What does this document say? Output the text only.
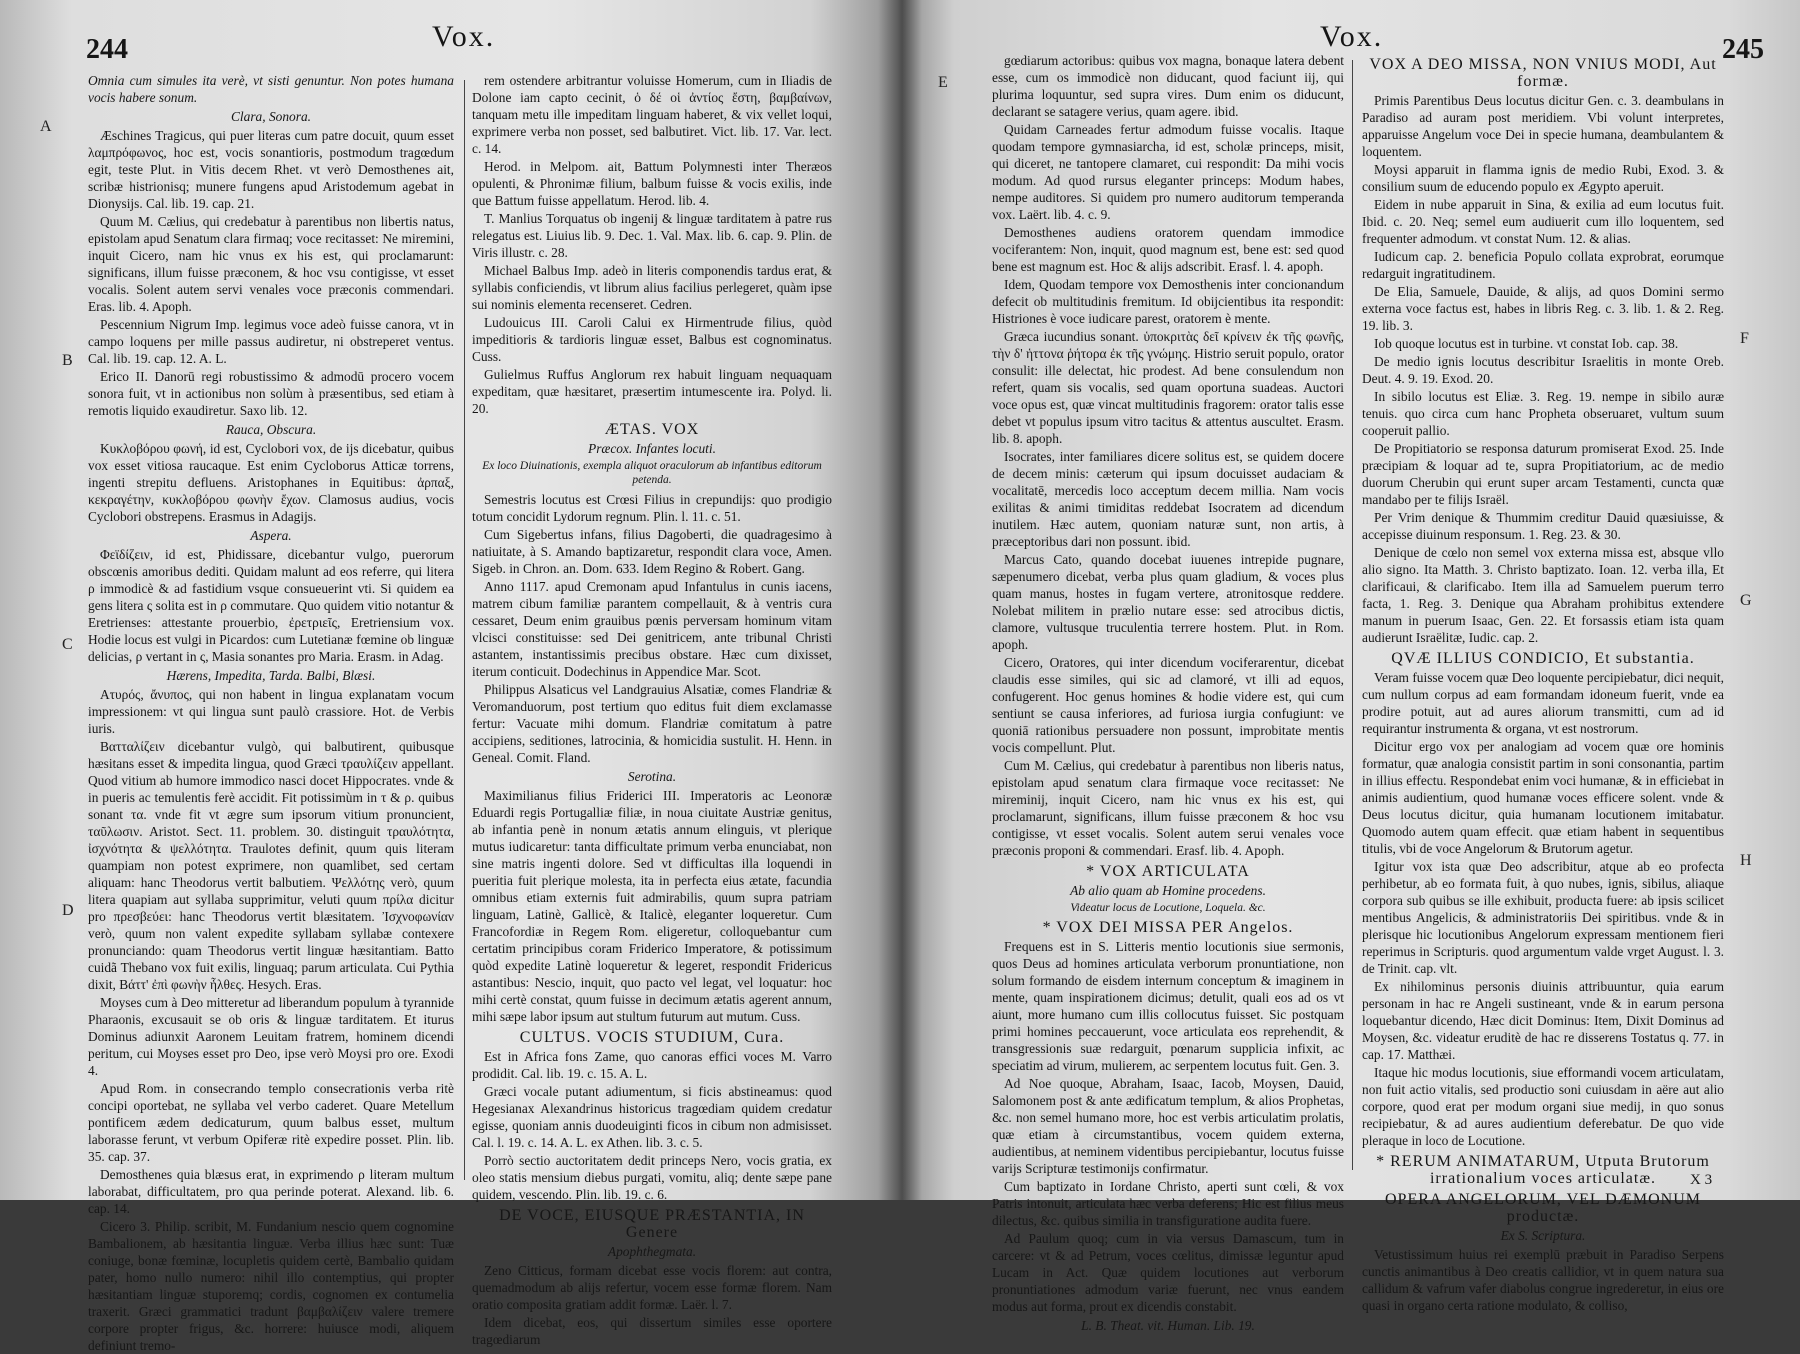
244	Vox.
A
B
C
D

Omnia cum simules ita verè, vt sisti genuntur. Non potes humana vocis habere sonum.

Clara, Sonora.

Æschines Tragicus, qui puer literas cum patre docuit, quum esset λαμπρόφωνος, hoc est, vocis sonantioris, postmodum tragœdum egit, teste Plut. in Vitis decem Rhet. vt verò Demosthenes ait, scribæ histrionisq; munere fungens apud Aristodemum agebat in Dionysijs. Cal. lib. 19. cap. 21.

Quum M. Cælius, qui credebatur à parentibus non libertis natus, epistolam apud Senatum clara firmaq; voce recitasset: Ne miremini, inquit Cicero, nam hic vnus ex his est, qui proclamarunt: significans, illum fuisse præconem, & hoc vsu contigisse, vt esset vocalis. Solent autem servi venales voce præconis commendari. Eras. lib. 4. Apoph.

Pescennium Nigrum Imp. legimus voce adeò fuisse canora, vt in campo loquens per mille passus audiretur, ni obstreperet ventus. Cal. lib. 19. cap. 12. A. L.

Erico II. Danorū regi robustissimo & admodū procero vocem sonora fuit, vt in actionibus non solùm à præsentibus, sed etiam à remotis liquido exaudiretur. Saxo lib. 12.

Rauca, Obscura.

Κυκλοβόρου φωνή, id est, Cyclobori vox, de ijs dicebatur, quibus vox esset vitiosa raucaque. Est enim Cycloborus Atticæ torrens, ingenti strepitu defluens. Aristophanes in Equitibus: ἀρπαξ, κεκραγέτην, κυκλοβόρου φωνὴν ἔχων. Clamosus audius, vocis Cyclobori obstrepens. Erasmus in Adagijs.

Aspera.

Φεϊδίζειν, id est, Phidissare, dicebantur vulgo, puerorum obscœnis amoribus dediti. Quidam malunt ad eos referre, qui litera ρ immodicè & ad fastidium vsque consueuerint vti. Si quidem ea gens litera ς solita est in ρ commutare. Quo quidem vitio notantur & Eretrienses: attestante prouerbio, ἐρετριεῖς, Eretriensium vox. Hodie locus est vulgi in Picardos: cum Lutetianæ fœmine ob linguæ delicias, ρ vertant in ς, Masia sonantes pro Maria. Erasm. in Adag.

Hærens, Impedita, Tarda. Balbi, Blæsi.

Ατυρός, ἄνυπος, qui non habent in lingua explanatam vocum impressionem: vt qui lingua sunt paulò crassiore. Hot. de Verbis iuris.

Βατταλίζειν dicebantur vulgò, qui balbutirent, quibusque hæsitans esset & impedita lingua, quod Græci τραυλίζειν appellant. Quod vitium ab humore immodico nasci docet Hippocrates. vnde & in pueris ac temulentis ferè accidit. Fit potissimùm in τ & ρ. quibus sonant τα. vnde fit vt ægre sum ipsorum vitium pronuncient, ταῦλωσιν. Aristot. Sect. 11. problem. 30. distinguit τραυλότητα, ἰσχνότητα & ψελλότητα. Traulotes definit, quum quis literam quampiam non potest exprimere, non quamlibet, sed certam aliquam: hanc Theodorus vertit balbutiem. Ψελλότης verò, quum litera quapiam aut syllaba supprimitur, veluti quum πρίλα dicitur pro πρεσβεύει: hanc Theodorus vertit blæsitatem. Ἰσχνοφωνίαν verò, quum non valent expedite syllabam syllabæ contexere pronunciando: quam Theodorus vertit linguæ hæsitantiam. Batto cuidã Thebano vox fuit exilis, linguaq; parum articulata. Cui Pythia dixit, Βάττ' ἐπὶ φωνὴν ἦλθες. Hesych. Eras.

Moyses cum à Deo mitteretur ad liberandum populum à tyrannide Pharaonis, excusauit se ob oris & linguæ tarditatem. Et iturus Dominus adiunxit Aaronem Leuitam fratrem, hominem dicendi peritum, cui Moyses esset pro Deo, ipse verò Moysi pro ore. Exodi 4.

Apud Rom. in consecrando templo consecrationis verba ritè concipi oportebat, ne syllaba vel verbo caderet. Quare Metellum pontificem ædem dedicaturum, quum balbus esset, multum laborasse ferunt, vt verbum Opiferæ ritè expedire posset. Plin. lib. 35. cap. 37.

Demosthenes quia blæsus erat, in exprimendo ρ literam multum laborabat, difficultatem, pro qua perinde poterat. Alexand. lib. 6. cap. 14.

Cicero 3. Philip. scribit, M. Fundanium nescio quem cognomine Bambalionem, ab hæsitantia linguæ. Verba illius hæc sunt: Tuæ coniuge, bonæ fœminæ, locupletis quidem certè, Bambalio quidam pater, homo nullo numero: nihil illo contemptius, qui propter hæsitantiam linguæ stuporemq; cordis, cognomen ex contumelia traxerit. Græci grammatici tradunt βαμβαλίζειν valere tremere corpore propter frigus, &c. horrere: huiusce modi, aliquem definiunt tremo-

rem ostendere arbitrantur voluisse Homerum, cum in Iliadis de Dolone iam capto cecinit, ὁ δέ οἱ ἀντίος ἔστη, βαμβαίνων, tanquam metu ille impeditam linguam haberet, & vix vellet loqui, exprimere verba non posset, sed balbutiret. Vict. lib. 17. Var. lect. c. 14.

Herod. in Melpom. ait, Battum Polymnesti inter Theræos opulenti, & Phronimæ filium, balbum fuisse & vocis exilis, inde que Battum fuisse appellatum. Herod. lib. 4.

T. Manlius Torquatus ob ingenij & linguæ tarditatem à patre rus relegatus est. Liuius lib. 9. Dec. 1. Val. Max. lib. 6. cap. 9. Plin. de Viris illustr. c. 28.

Michael Balbus Imp. adeò in literis componendis tardus erat, & syllabis conficiendis, vt librum alius facilius perlegeret, quàm ipse sui nominis elementa recenseret. Cedren.

Ludouicus III. Caroli Calui ex Hirmentrude filius, quòd impeditioris & tardioris linguæ esset, Balbus est cognominatus. Cuss.

Gulielmus Ruffus Anglorum rex habuit linguam nequaquam expeditam, quæ hæsitaret, præsertim intumescente ira. Polyd. li. 20.

ÆTAS. VOX

Præcox. Infantes locuti.

Ex loco Diuinationis, exempla aliquot oraculorum ab infantibus editorum petenda.

Semestris locutus est Crœsi Filius in crepundijs: quo prodigio totum concidit Lydorum regnum. Plin. l. 11. c. 51.

Cum Sigebertus infans, filius Dagoberti, die quadragesimo à natiuitate, à S. Amando baptizaretur, respondit clara voce, Amen. Sigeb. in Chron. an. Dom. 633. Idem Regino & Robert. Gang.

Anno 1117. apud Cremonam apud Infantulus in cunis iacens, matrem cibum familiæ parantem compellauit, & à ventris cura cessaret, Deum enim grauibus pœnis perversam hominum vitam vlcisci constituisse: sed Dei genitricem, ante tribunal Christi astantem, instantissimis precibus obstare. Hæc cum dixisset, iterum conticuit. Dodechinus in Appendice Mar. Scot.

Philippus Alsaticus vel Landgrauius Alsatiæ, comes Flandriæ & Veromanduorum, post tertium quo editus fuit diem exclamasse fertur: Vacuate mihi domum. Flandriæ comitatum à patre accipiens, seditiones, latrocinia, & homicidia sustulit. H. Henn. in Geneal. Comit. Fland.

Serotina.

Maximilianus filius Friderici III. Imperatoris ac Leonoræ Eduardi regis Portugalliæ filiæ, in noua ciuitate Austriæ genitus, ab infantia penè in nonum ætatis annum elinguis, vt plerique mutus iudicaretur: tanta difficultate primum verba enunciabat, non sine matris ingenti dolore. Sed vt difficultas illa loquendi in pueritia fuit plerique molesta, ita in perfecta eius ætate, facundia omnibus etiam externis fuit admirabilis, quum supra patriam linguam, Latinè, Gallicè, & Italicè, eleganter loqueretur. Cum Francofordiæ in Regem Rom. eligeretur, colloquebantur cum certatim principibus coram Friderico Imperatore, & potissimum quòd expedite Latinè loqueretur & legeret, respondit Fridericus astantibus: Nescio, inquit, quo pacto vel legat, vel loquatur: hoc mihi certè constat, quum fuisse in decimum ætatis agerent annum, mihi sæpe labor ipsum aut stultum futurum aut mutum. Cuss.

CULTUS. VOCIS STUDIUM, Cura.

Est in Africa fons Zame, quo canoras effici voces M. Varro prodidit. Cal. lib. 19. c. 15. A. L.

Græci vocale putant adiumentum, si ficis abstineamus: quod Hegesianax Alexandrinus historicus tragœdiam quidem credatur egisse, quoniam annis duodeuiginti ficos in cibum non admisisset. Cal. l. 19. c. 14. A. L. ex Athen. lib. 3. c. 5.

Porrò sectio auctoritatem dedit princeps Nero, vocis gratia, ex oleo statis mensium diebus purgati, vomitu, aliq; dente sæpe pane quidem, vescendo. Plin. lib. 19. c. 6.

DE VOCE, EIUSQUE PRÆSTANTIA, IN Genere

Apophthegmata.

Zeno Citticus, formam dicebat esse vocis florem: aut contra, quemadmodum ab alijs refertur, vocem esse formæ florem. Nam oratio composita gratiam addit formæ. Laër. l. 7.

Idem dicebat, eos, qui dissertum similes esse oportere tragœdiarum

Vox.	245
E
F
G
H

gœdiarum actoribus: quibus vox magna, bonaque latera debent esse, cum os immodicè non diducant, quod faciunt iij, qui plurima loquuntur, sed supra vires. Dum enim os diducunt, declarant se satagere verius, quam agere. ibid.

Quidam Carneades fertur admodum fuisse vocalis. Itaque quodam tempore gymnasiarcha, id est, scholæ princeps, misit, qui diceret, ne tantopere clamaret, cui respondit: Da mihi vocis modum. Ad quod rursus eleganter princeps: Modum habes, nempe auditores. Si quidem pro numero auditorum temperanda vox. Laërt. lib. 4. c. 9.

Demosthenes audiens oratorem quendam immodice vociferantem: Non, inquit, quod magnum est, bene est: sed quod bene est magnum est. Hoc & alijs adscribit. Erasf. l. 4. apoph.

Idem, Quodam tempore vox Demosthenis inter concionandum defecit ob multitudinis fremitum. Id obijcientibus ita respondit: Histriones è voce iudicare parest, oratorem è mente.

Græca iucundius sonant. ὑποκριτὰς δεῖ κρίνειν ἐκ τῆς φωνῆς, τὴν δ' ἡττονα ῥήτορα ἐκ τῆς γνώμης. Histrio seruit populo, orator consulit: ille delectat, hic prodest. Ad bene consulendum non refert, quam sis vocalis, sed quam oportuna suadeas. Auctori voce opus est, quæ vincat multitudinis fragorem: orator talis esse debet vt populus ipsum vitro tacitus & attentus auscultet. Erasm. lib. 8. apoph.

Isocrates, inter familiares dicere solitus est, se quidem docere de decem minis: cæterum qui ipsum docuisset audaciam & vocalitatē, mercedis loco acceptum decem millia. Nam vocis exilitas & animi timiditas reddebat Isocratem ad dicendum inutilem. Hæc autem, quoniam naturæ sunt, non artis, à præceptoribus dari non possunt. ibid.

Marcus Cato, quando docebat iuuenes intrepide pugnare, sæpenumero dicebat, verba plus quam gladium, & voces plus quam manus, hostes in fugam vertere, atronitosque reddere. Nolebat militem in prælio nutare esse: sed atrocibus dictis, clamore, vultusque truculentia terrere hostem. Plut. in Rom. apoph.

Cicero, Oratores, qui inter dicendum vociferarentur, dicebat claudis esse similes, qui sic ad clamoré, vt illi ad equos, confugerent. Hoc genus homines & hodie videre est, qui cum sentiunt se causa inferiores, ad furiosa iurgia confugiunt: ve quoniā rationibus persuadere non possunt, improbitate mentis vocis compellunt. Plut.

Cum M. Cælius, qui credebatur à parentibus non liberis natus, epistolam apud senatum clara firmaque voce recitasset: Ne mireminij, inquit Cicero, nam hic vnus ex his est, qui proclamarunt, significans, illum fuisse præconem & hoc vsu contigisse, vt esset vocalis. Solent autem serui venales voce præconis proponi & commendari. Erasf. lib. 4. Apoph.

* VOX ARTICULATA

Ab alio quam ab Homine procedens.

Videatur locus de Locutione, Loquela. &c.

* VOX DEI MISSA PER Angelos.

Frequens est in S. Litteris mentio locutionis siue sermonis, quos Deus ad homines articulata verborum pronuntiatione, non solum formando de eisdem internum conceptum & imaginem in mente, quam inspirationem dicimus; detulit, quali eos ad os vt aiunt, more humano cum illis collocutus fuisset. Sic postquam primi homines peccauerunt, voce articulata eos reprehendit, & transgressionis suæ redarguit, pœnarum supplicia infixit, ac speciatim ad virum, mulierem, ac serpentem locutus fuit. Gen. 3.

Ad Noe quoque, Abraham, Isaac, Iacob, Moysen, Dauid, Salomonem post & ante ædificatum templum, & alios Prophetas, &c. non semel humano more, hoc est verbis articulatim prolatis, quæ etiam à circumstantibus, vocem quidem externa, audientibus, at neminem videntibus percipiebantur, locutus fuisse varijs Scripturæ testimonijs confirmatur.

Cum baptizato in Iordane Christo, aperti sunt cœli, & vox Patris intonuit, articulata hæc verba deferens; Hic est filius meus dilectus, &c. quibus similia in transfiguratione audita fuere.

Ad Paulum quoq; cum in via versus Damascum, tum in carcere: vt & ad Petrum, voces cœlitus, dimissæ leguntur apud Lucam in Act. Quæ quidem locutiones aut verborum pronuntiationes admodum variæ fuerunt, nec vnus eandem modus aut forma, prout ex dicendis constabit.

L. B. Theat. vit. Human. Lib. 19.

VOX A DEO MISSA, NON VNIUS MODI, Aut formæ.

Primis Parentibus Deus locutus dicitur Gen. c. 3. deambulans in Paradiso ad auram post meridiem. Vbi volunt interpretes, apparuisse Angelum voce Dei in specie humana, deambulantem & loquentem.

Moysi apparuit in flamma ignis de medio Rubi, Exod. 3. & consilium suum de educendo populo ex Ægypto aperuit.

Eidem in nube apparuit in Sina, & exilia ad eum locutus fuit. Ibid. c. 20. Neq; semel eum audiuerit cum illo loquentem, sed frequenter admodum. vt constat Num. 12. & alias.

Iudicum cap. 2. beneficia Populo collata exprobrat, eorumque redarguit ingratitudinem.

De Elia, Samuele, Dauide, & alijs, ad quos Domini sermo externa voce factus est, habes in libris Reg. c. 3. lib. 1. & 2. Reg. 19. lib. 3.

Iob quoque locutus est in turbine. vt constat Iob. cap. 38.

De medio ignis locutus describitur Israelitis in monte Oreb. Deut. 4. 9. 19. Exod. 20.

In sibilo locutus est Eliæ. 3. Reg. 19. nempe in sibilo auræ tenuis. quo circa cum hanc Propheta obseruaret, vultum suum cooperuit pallio.

De Propitiatorio se responsa daturum promiserat Exod. 25. Inde præcipiam & loquar ad te, supra Propitiatorium, ac de medio duorum Cherubin qui erunt super arcam Testamenti, cuncta quæ mandabo per te filijs Israël.

Per Vrim denique & Thummim creditur Dauid quæsiuisse, & accepisse diuinum responsum. 1. Reg. 23. & 30.

Denique de cœlo non semel vox externa missa est, absque vllo alio signo. Ita Matth. 3. Christo baptizato. Ioan. 12. verba illa, Et clarificaui, & clarificabo. Item illa ad Samuelem puerum terro facta, 1. Reg. 3. Denique qua Abraham prohibitus extendere manum in puerum Isaac, Gen. 22. Et forsassis etiam ista quam audierunt Israëlitæ, Iudic. cap. 2.

QVÆ ILLIUS CONDICIO, Et substantia.

Veram fuisse vocem quæ Deo loquente percipiebatur, dici nequit, cum nullum corpus ad eam formandam idoneum fuerit, vnde ea prodire potuit, aut ad aures aliorum transmitti, cum ad id requirantur instrumenta & organa, vt est nostrorum.

Dicitur ergo vox per analogiam ad vocem quæ ore hominis formatur, quæ analogia consistit partim in soni consonantia, partim in illius effectu. Respondebat enim voci humanæ, & in efficiebat in animis audientium, quod humanæ voces efficere solent. vnde & Deus locutus dicitur, quia humanam locutionem imitabatur. Quomodo autem quam effecit. quæ etiam habent in sequentibus titulis, vbi de voce Angelorum & Brutorum agetur.

Igitur vox ista quæ Deo adscribitur, atque ab eo profecta perhibetur, ab eo formata fuit, à quo nubes, ignis, sibilus, aliaque corpora sub quibus se ille exhibuit, producta fuere: ab ipsis scilicet mentibus Angelicis, & administratoriis Dei spiritibus. vnde & in plerisque hic locutionibus Angelorum expressam mentionem fieri reperimus in Scripturis. quod argumentum valde vrget August. l. 3. de Trinit. cap. vlt.

Ex nihilominus personis diuinis attribuuntur, quia earum personam in hac re Angeli sustineant, vnde & in earum persona loquebantur dicendo, Hæc dicit Dominus: Item, Dixit Dominus ad Moysen, &c. videatur eruditè de hac re disserens Tostatus q. 77. in cap. 17. Matthæi.

Itaque hic modus locutionis, siue efformandi vocem articulatam, non fuit actio vitalis, sed productio soni cuiusdam in aëre aut alio corpore, quod erat per modum organi siue medij, in quo sonus recipiebatur, & ad aures audientium deferebatur. De quo vide pleraque in loco de Locutione.

* RERUM ANIMATARUM, Utputa Brutorum irrationalium voces articulatæ.

OPERA ANGELORUM, VEL DÆMONUM productæ.

Ex S. Scriptura.

Vetustissimum huius rei exemplū præbuit in Paradiso Serpens cunctis animantibus à Deo creatis callidior, vt in quem natura sua callidum & vafrum vafer diabolus congrue ingrederetur, in eius ore quasi in organo certa ratione modulato, & colliso,

X 3
